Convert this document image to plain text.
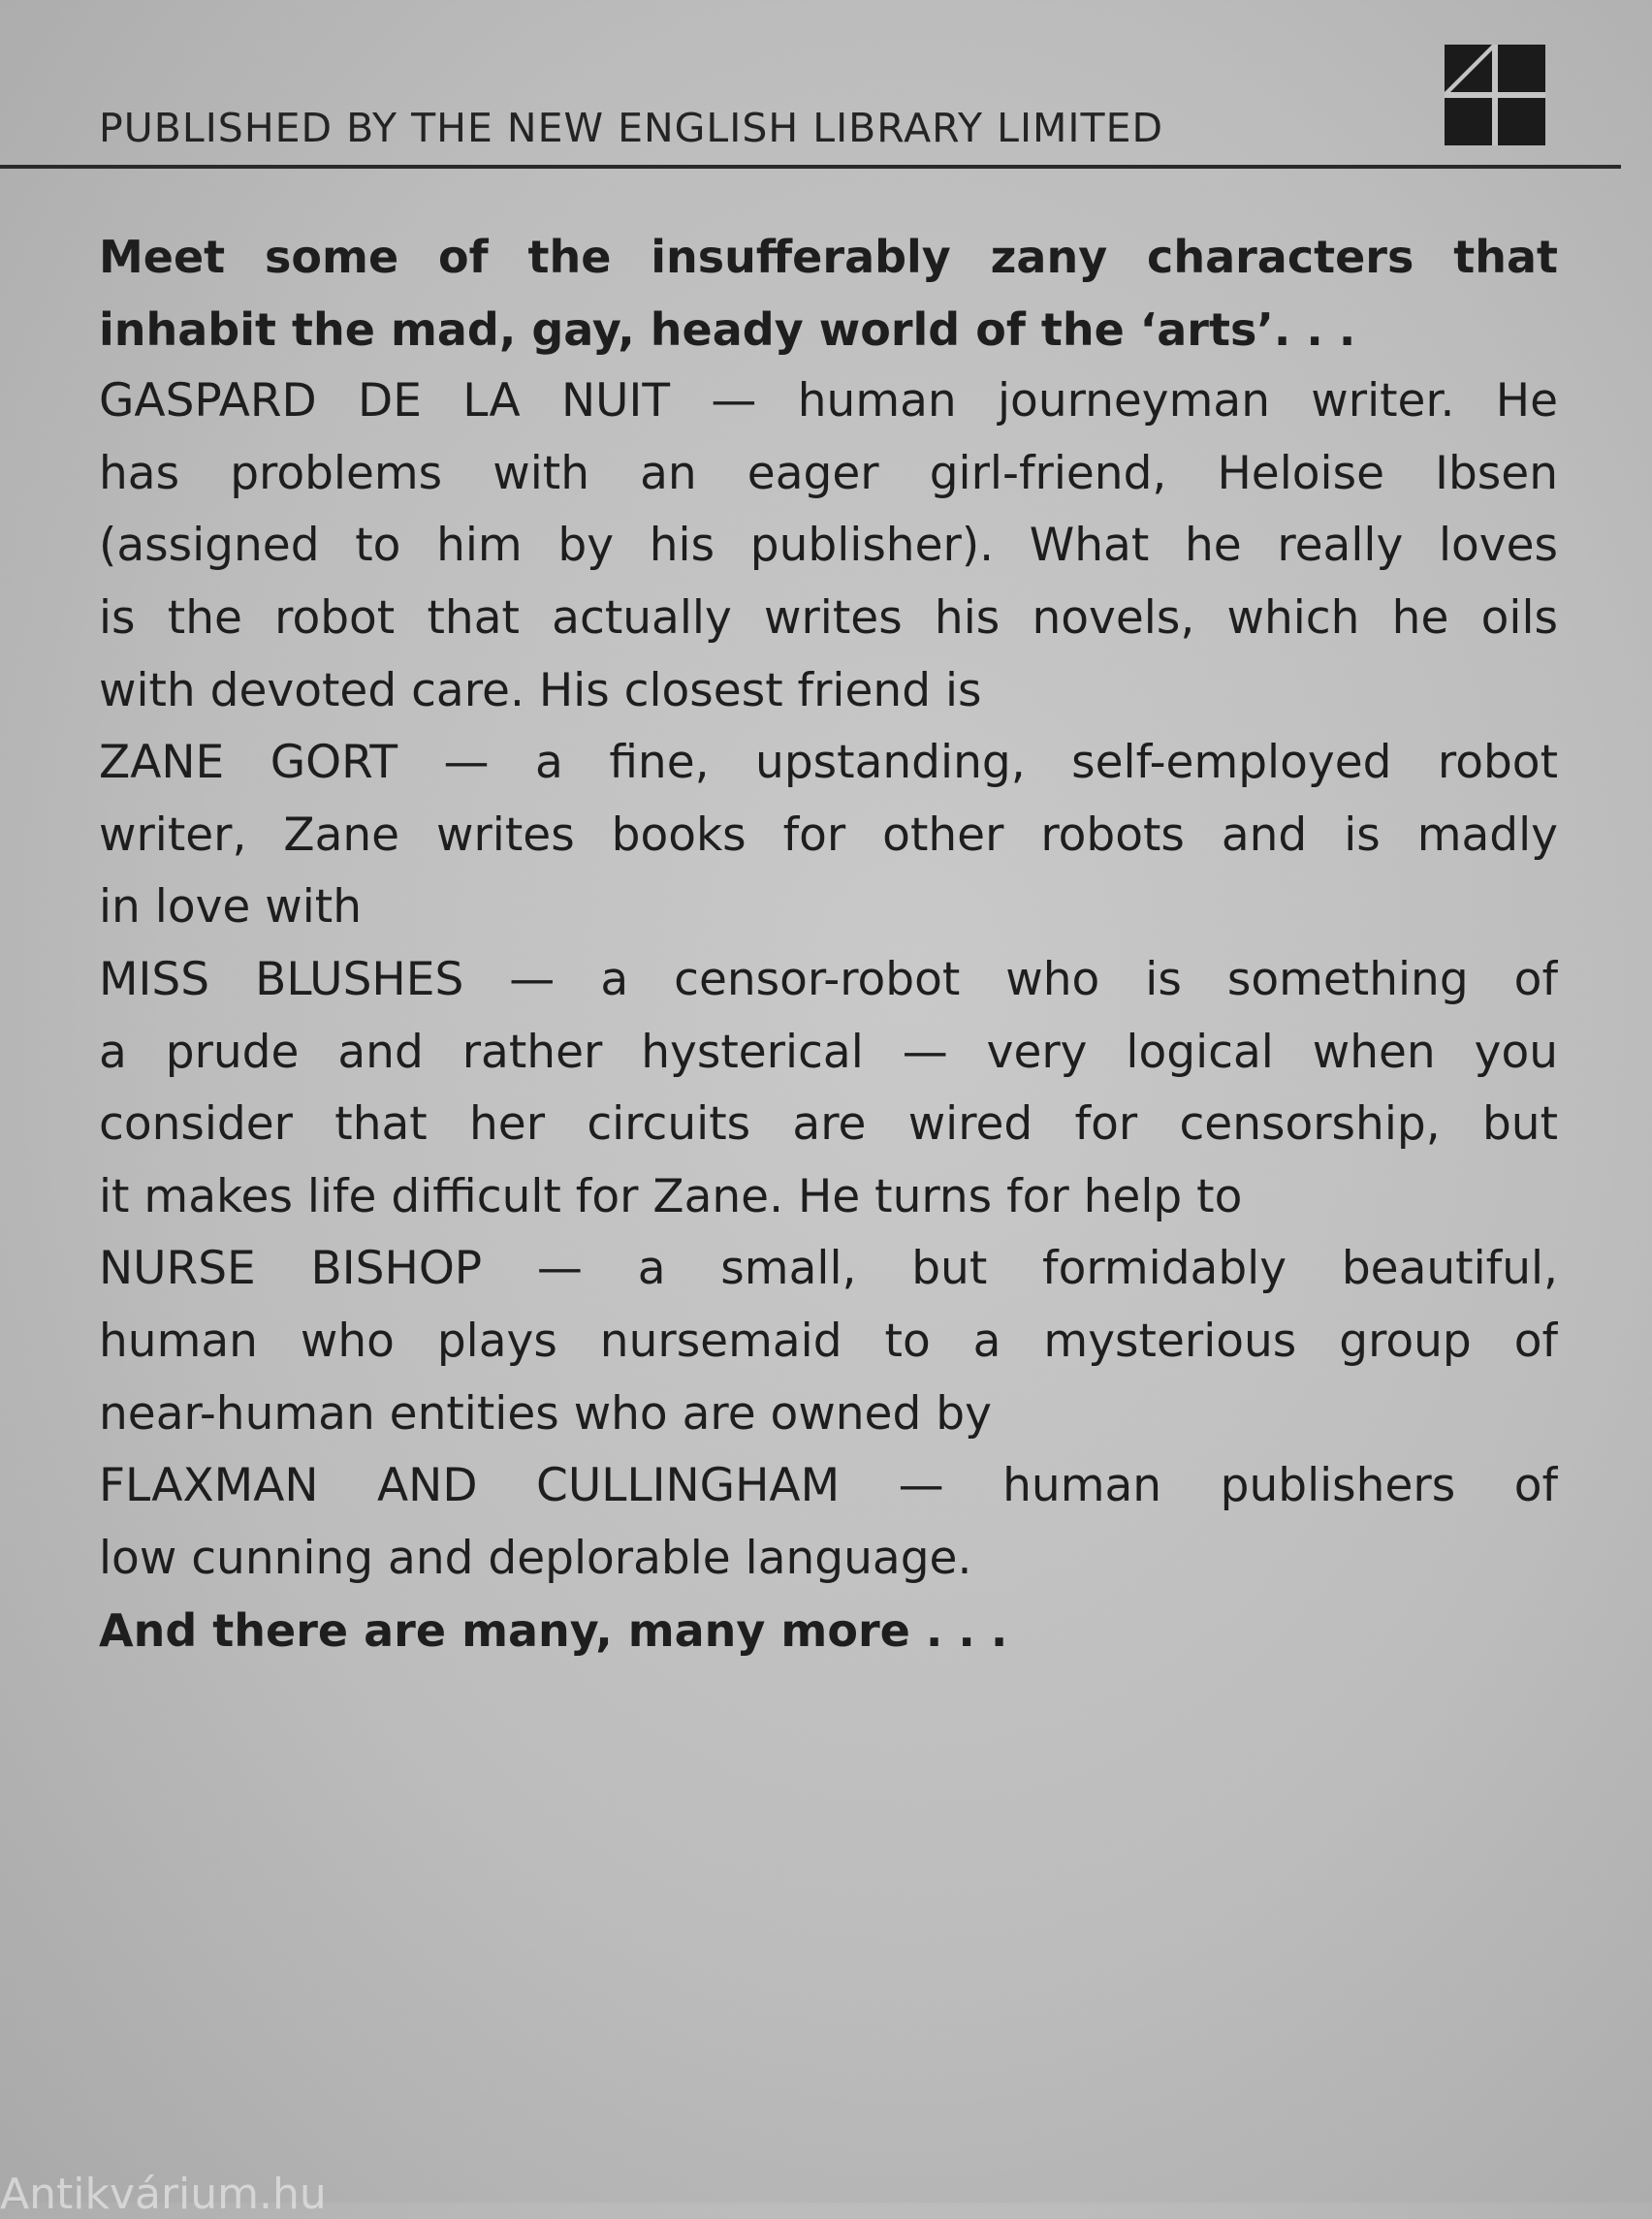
PUBLISHED BY THE NEW ENGLISH LIBRARY LIMITED
Meet some of the insufferably zany characters that
inhabit the mad, gay, heady world of the ‘arts’. . .
GASPARD DE LA NUIT — human journeyman writer. He
has problems with an eager girl-friend, Heloise Ibsen
(assigned to him by his publisher). What he really loves
is the robot that actually writes his novels, which he oils
with devoted care. His closest friend is
ZANE GORT — a fine, upstanding, self-employed robot
writer, Zane writes books for other robots and is madly
in love with
MISS BLUSHES — a censor-robot who is something of
a prude and rather hysterical — very logical when you
consider that her circuits are wired for censorship, but
it makes life difficult for Zane. He turns for help to
NURSE BISHOP — a small, but formidably beautiful,
human who plays nursemaid to a mysterious group of
near-human entities who are owned by
FLAXMAN AND CULLINGHAM — human publishers of
low cunning and deplorable language.
And there are many, many more . . .
Antikvárium.hu
